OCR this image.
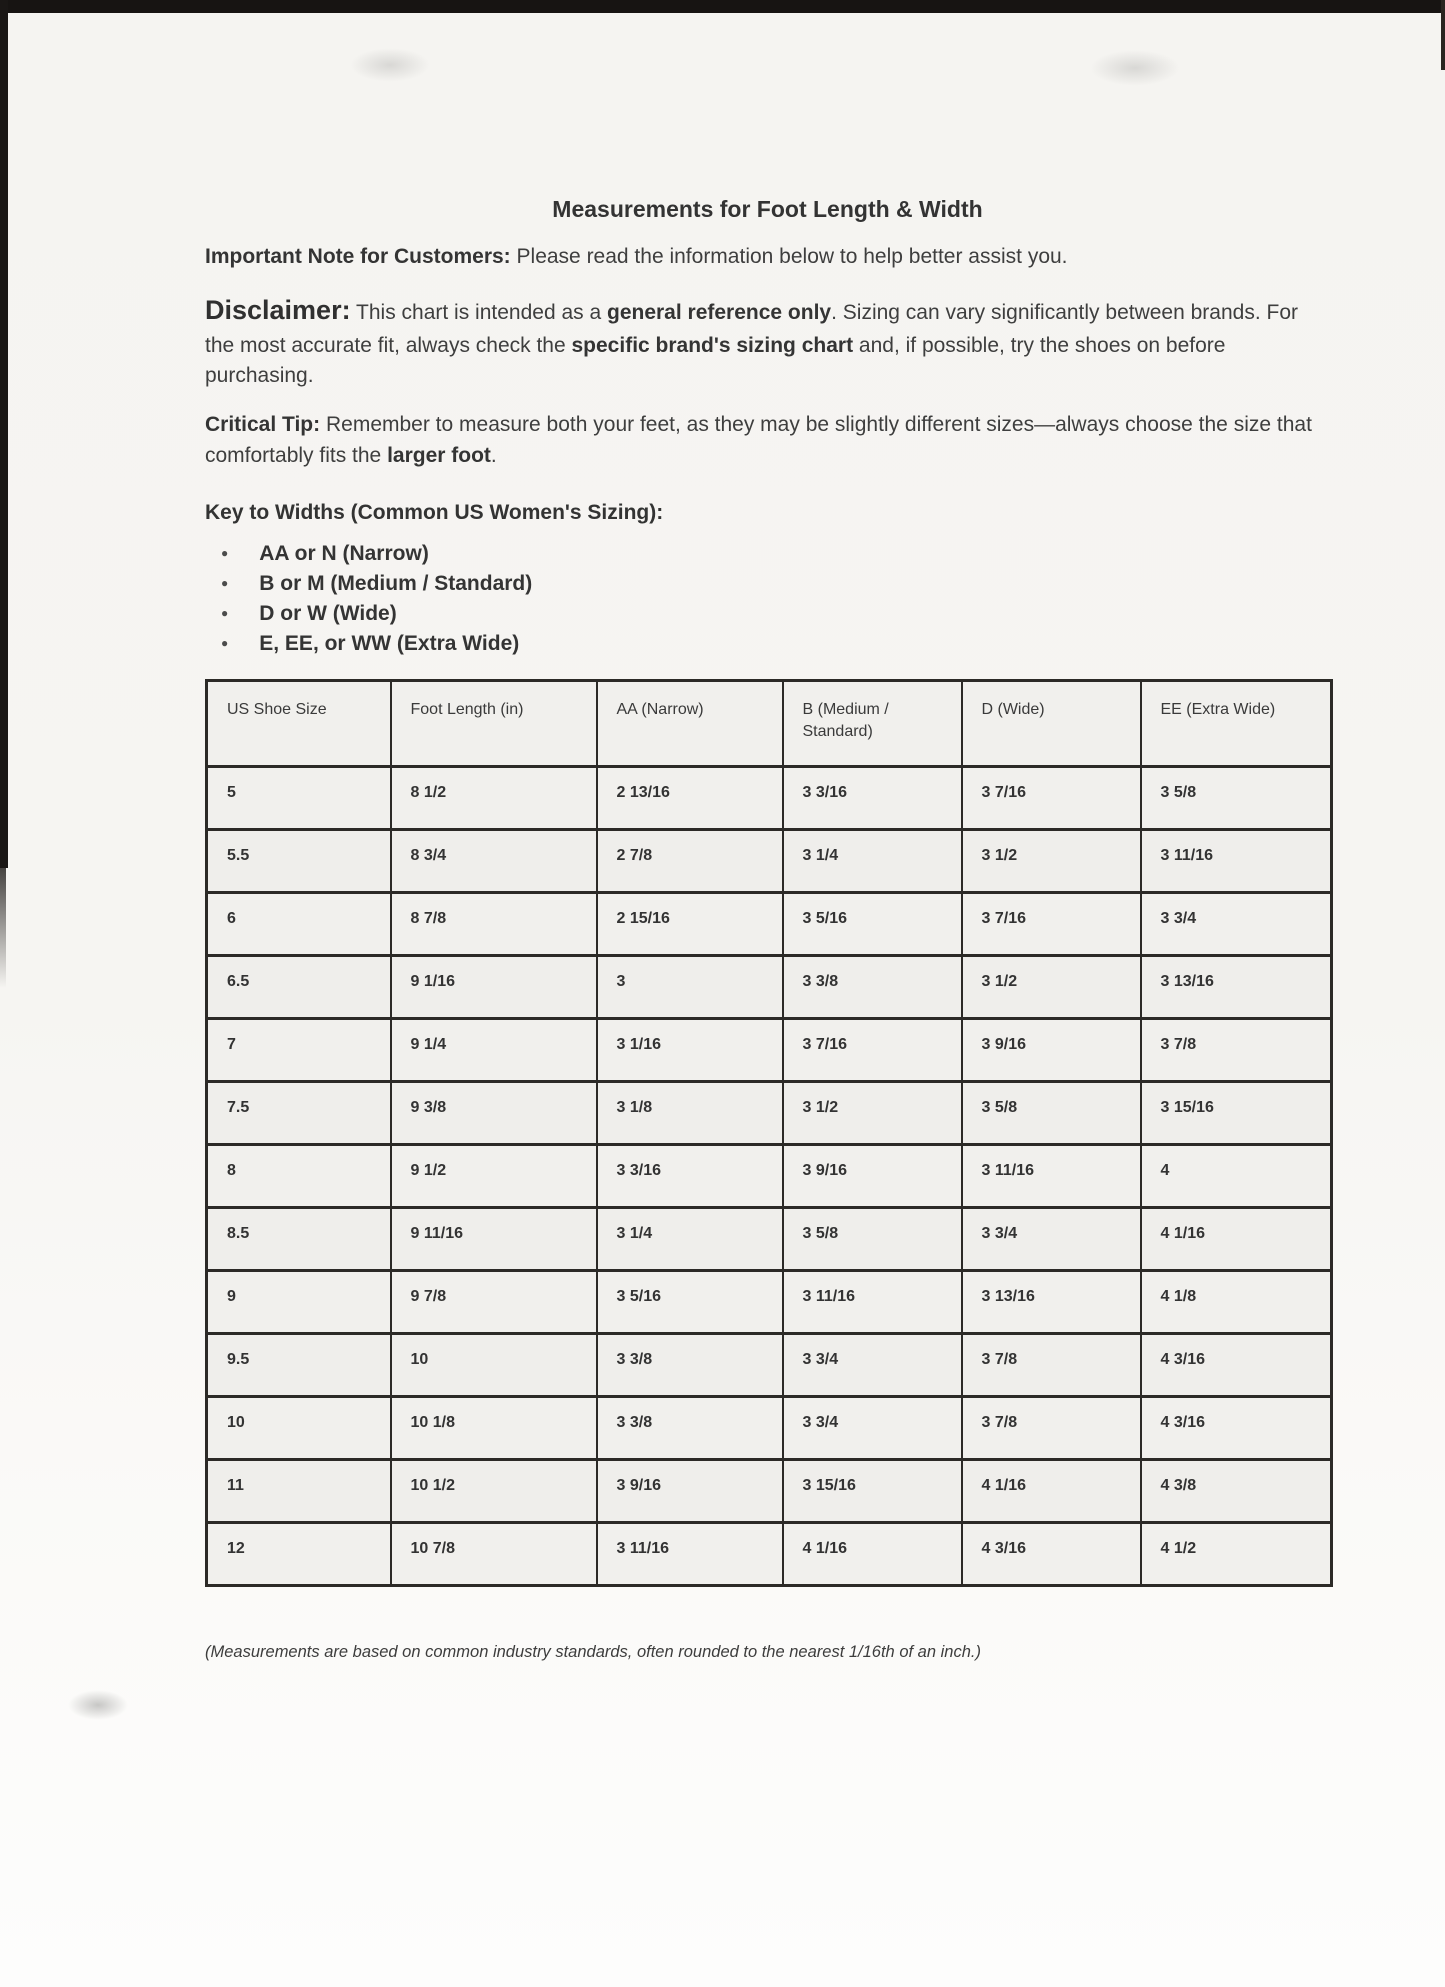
Measurements for Foot Length & Width

Important Note for Customers: Please read the information below to help better assist you.

Disclaimer: This chart is intended as a general reference only. Sizing can vary significantly between brands. For the most accurate fit, always check the specific brand's sizing chart and, if possible, try the shoes on before purchasing.

Critical Tip: Remember to measure both your feet, as they may be slightly different sizes—always choose the size that comfortably fits the larger foot.

Key to Widths (Common US Women's Sizing):
● AA or N (Narrow)
● B or M (Medium / Standard)
● D or W (Wide)
● E, EE, or WW (Extra Wide)
US Shoe Size	Foot Length (in)	AA (Narrow)	B (Medium / Standard)	D (Wide)	EE (Extra Wide)
5	8 1/2	2 13/16	3 3/16	3 7/16	3 5/8
5.5	8 3/4	2 7/8	3 1/4	3 1/2	3 11/16
6	8 7/8	2 15/16	3 5/16	3 7/16	3 3/4
6.5	9 1/16	3	3 3/8	3 1/2	3 13/16
7	9 1/4	3 1/16	3 7/16	3 9/16	3 7/8
7.5	9 3/8	3 1/8	3 1/2	3 5/8	3 15/16
8	9 1/2	3 3/16	3 9/16	3 11/16	4
8.5	9 11/16	3 1/4	3 5/8	3 3/4	4 1/16
9	9 7/8	3 5/16	3 11/16	3 13/16	4 1/8
9.5	10	3 3/8	3 3/4	3 7/8	4 3/16
10	10 1/8	3 3/8	3 3/4	3 7/8	4 3/16
11	10 1/2	3 9/16	3 15/16	4 1/16	4 3/8
12	10 7/8	3 11/16	4 1/16	4 3/16	4 1/2

(Measurements are based on common industry standards, often rounded to the nearest 1/16th of an inch.)
